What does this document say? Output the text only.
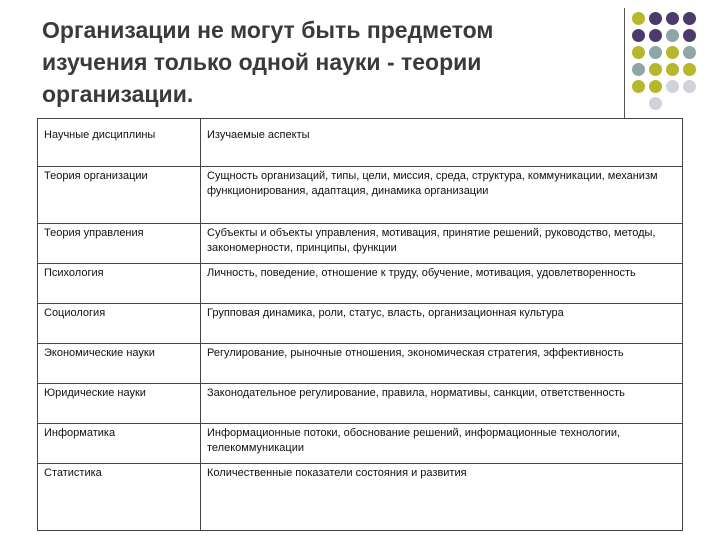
Организации не могут быть предметом
изучения только одной науки - теории
организации.
Научные дисциплины	Изучаемые аспекты
Теория организации	Сущность организаций, типы, цели, миссия, среда, структура, коммуникации, механизм функционирования, адаптация, динамика организации
Теория управления	Субъекты и объекты управления, мотивация, принятие решений, руководство, методы, закономерности, принципы, функции
Психология	Личность, поведение, отношение к труду, обучение, мотивация, удовлетворенность
Социология	Групповая динамика, роли, статус, власть, организационная культура
Экономические науки	Регулирование, рыночные отношения, экономическая стратегия, эффективность
Юридические науки	Законодательное регулирование, правила, нормативы, санкции, ответственность
Информатика	Информационные потоки, обоснование решений, информационные технологии, телекоммуникации
Статистика	Количественные показатели состояния и развития
